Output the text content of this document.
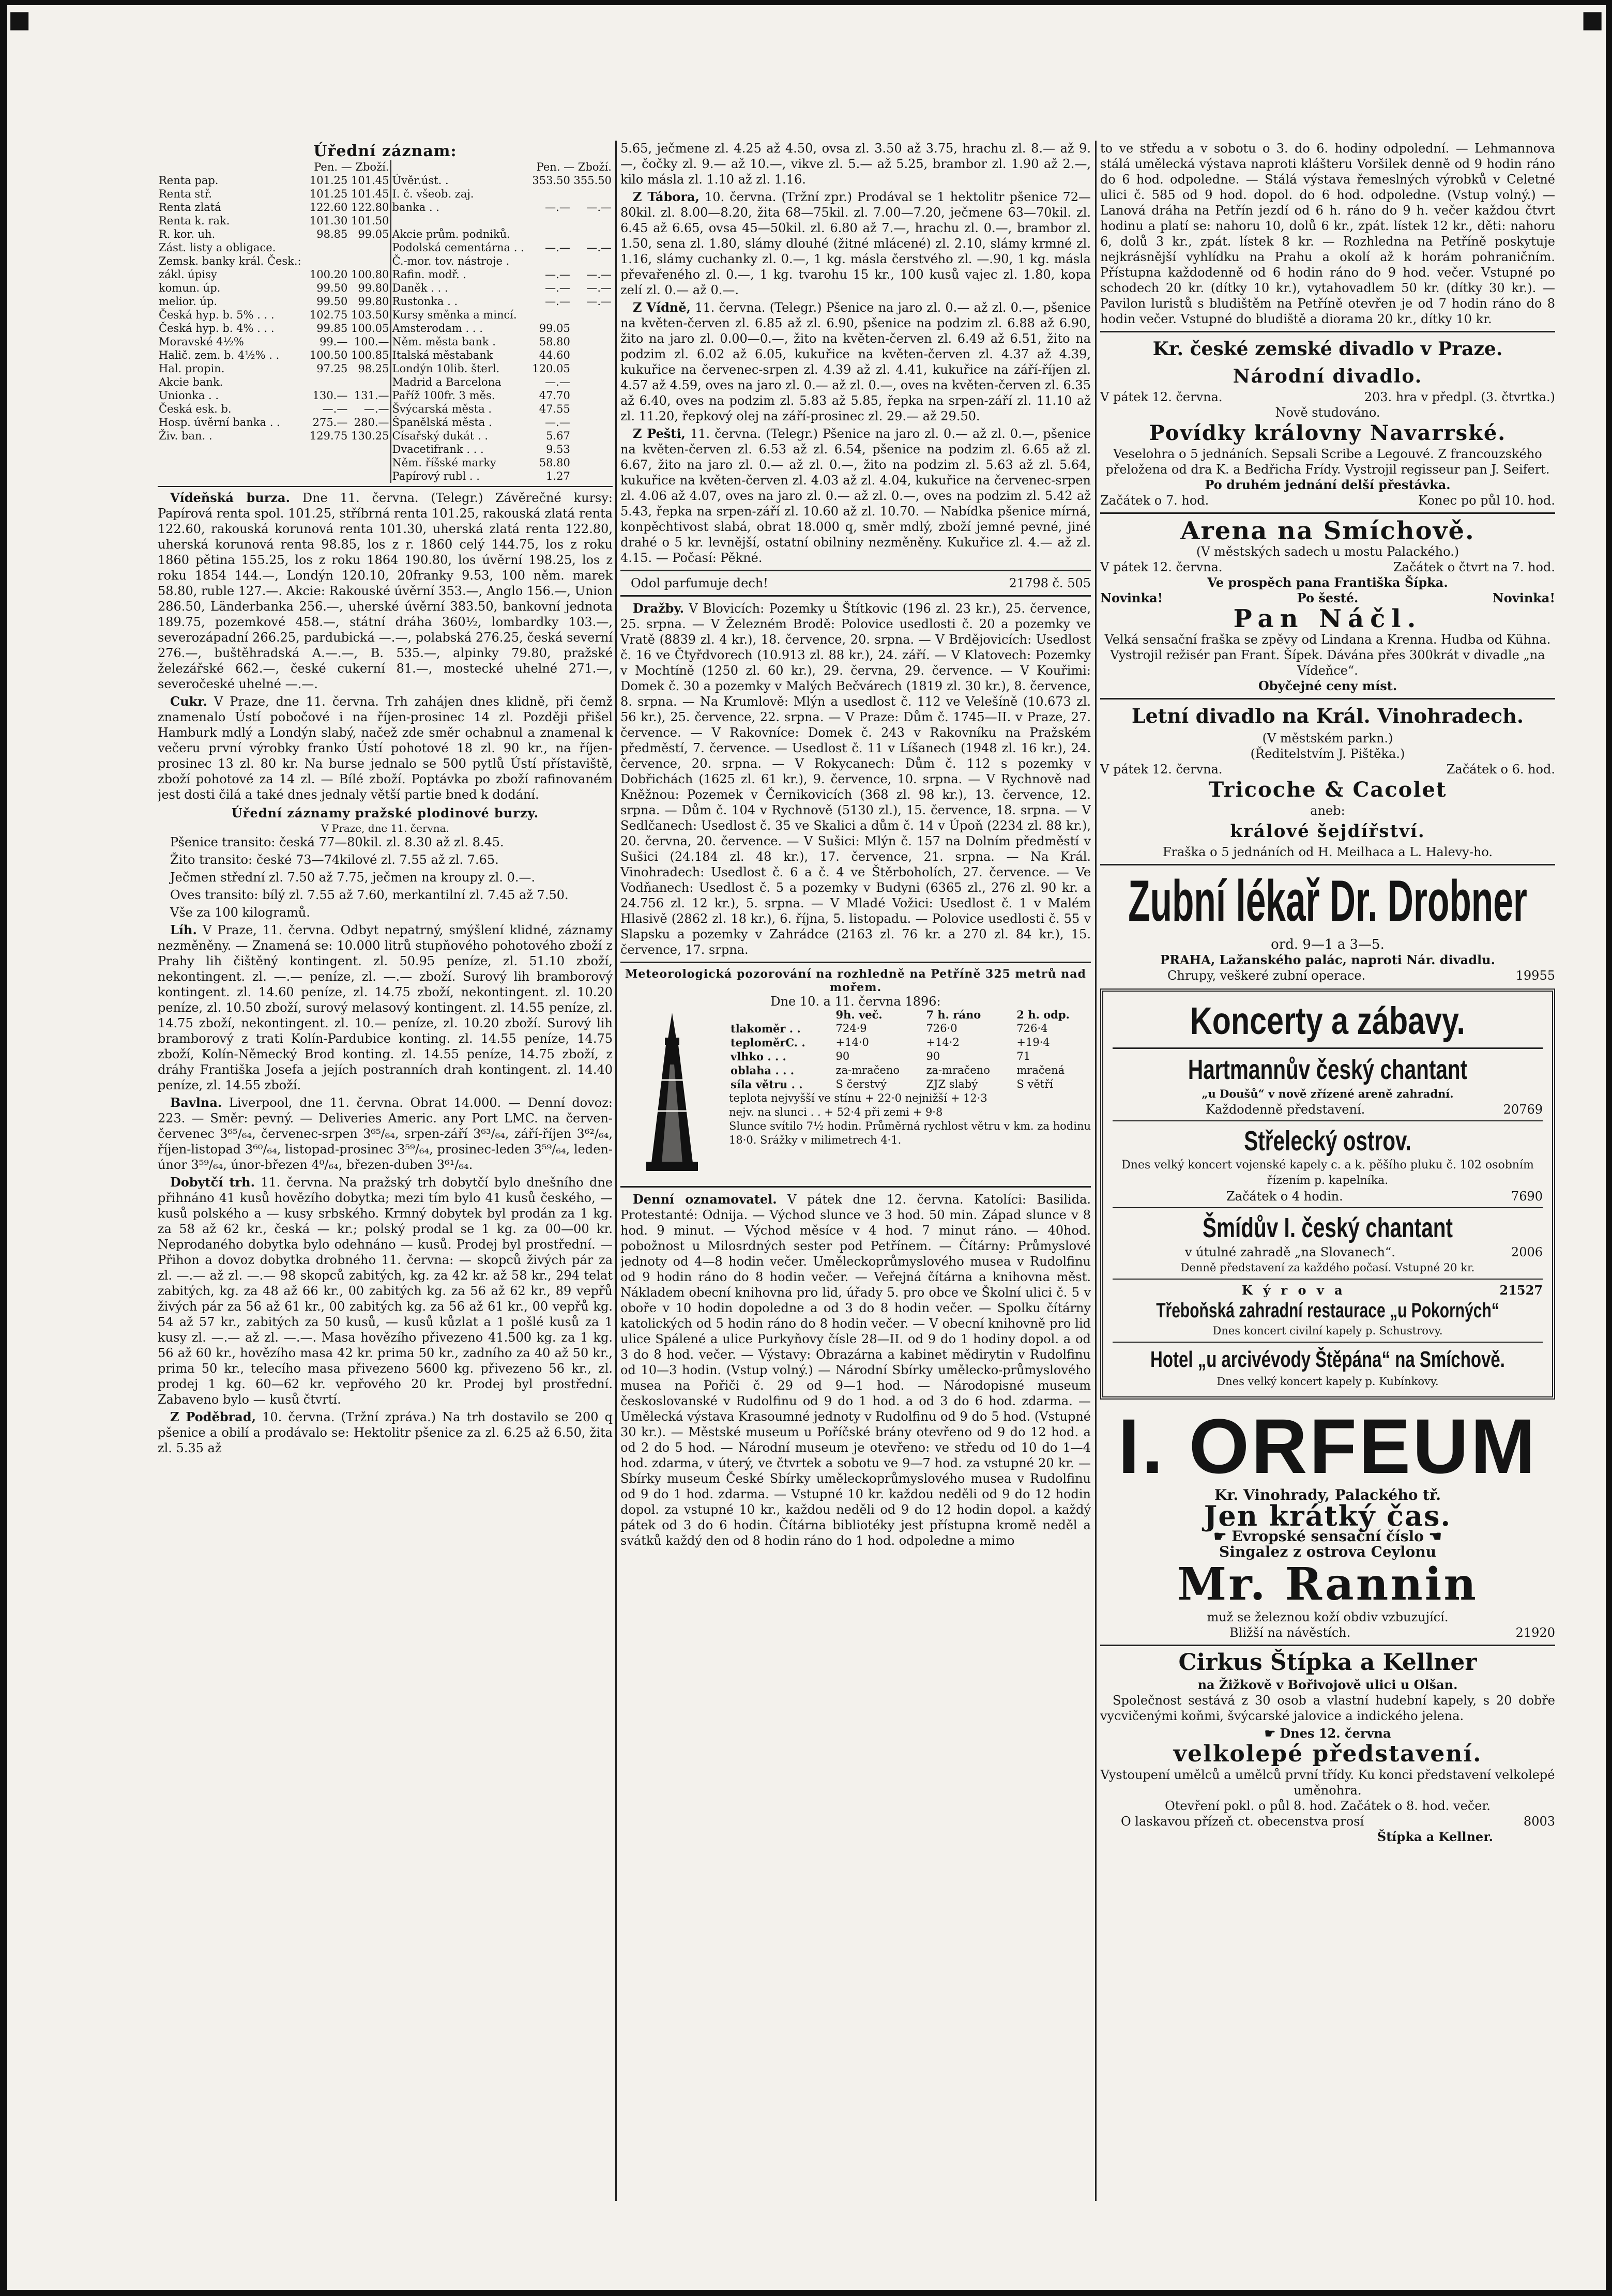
■	■
Úřední záznam:
	Pen. — Zboží.			Pen. — Zboží.	
Renta pap.	101.25	101.45	Úvěr.úst. .	353.50	355.50
Renta stř.	101.25	101.45	I. č. všeob. zaj.		
Renta zlatá	122.60	122.80	banka . .	—.—	—.—
Renta k. rak.	101.30	101.50			
R. kor. uh.	98.85	99.05	Akcie prům. podniků.		
Zást. listy a obligace.			Podolská cementárna . .	—.—	—.—
Zemsk. banky král. Česk.:			Č.-mor. tov. nástroje .		
zákl. úpisy	100.20	100.80	Rafin. modř. .	—.—	—.—
komun. úp.	99.50	99.80	Daněk . . .	—.—	—.—
melior. úp.	99.50	99.80	Rustonka . .	—.—	—.—
Česká hyp. b. 5% . . .	102.75	103.50	Kursy směnka a mincí.		
Česká hyp. b. 4% . . .	99.85	100.05	Amsterodam . . .	99.05	
Moravské 4½%	99.—	100.—	Něm. města bank .	58.80	
Halič. zem. b. 4½% . .	100.50	100.85	Italská městabank	44.60	
Hal. propin.	97.25	98.25	Londýn 10lib. šterl.	120.05	
Akcie bank.			Madrid a Barcelona	—.—	
Unionka . .	130.—	131.—	Paříž 100fr. 3 měs.	47.70	
Česká esk. b.	—.—	—.—	Švýcarská města .	47.55	
Hosp. úvěrní banka . .	275.—	280.—	Španělská města .	—.—	
Živ. ban. .	129.75	130.25	Císařský dukát . .	5.67	
			Dvacetifrank . . .	9.53	
			Něm. říšské marky	58.80	
			Papírový rubl . .	1.27	

Vídeňská burza. Dne 11. června. (Telegr.) Závěrečné kursy: Papírová renta spol. 101.25, stříbrná renta 101.25, rakouská zlatá renta 122.60, rakouská korunová renta 101.30, uherská zlatá renta 122.80, uherská korunová renta 98.85, los z r. 1860 celý 144.75, los z roku 1860 pětina 155.25, los z roku 1864 190.80, los úvěrní 198.25, los z roku 1854 144.—, Londýn 120.10, 20franky 9.53, 100 něm. marek 58.80, ruble 127.—. Akcie: Rakouské úvěrní 353.—, Anglo 156.—, Union 286.50, Länderbanka 256.—, uherské úvěrní 383.50, bankovní jednota 189.75, pozemkové 458.—, státní dráha 360½, lombardky 103.—, severozápadní 266.25, pardubická —.—, polabská 276.25, česká severní 276.—, buštěhradská A.—.—, B. 535.—, alpinky 79.80, pražské železářské 662.—, české cukerní 81.—, mostecké uhelné 271.—, severočeské uhelné —.—.

Cukr. V Praze, dne 11. června. Trh zahájen dnes klidně, při čemž znamenalo Ústí pobočové i na říjen-prosinec 14 zl. Později přišel Hamburk mdlý a Londýn slabý, načež zde směr ochabnul a znamenal k večeru první výrobky franko Ústí pohotové 18 zl. 90 kr., na říjen-prosinec 13 zl. 80 kr. Na burse jednalo se 500 pytlů Ústí přístaviště, zboží pohotové za 14 zl. — Bílé zboží. Poptávka po zboží rafinovaném jest dosti čilá a také dnes jednaly větší partie bned k dodání.

Úřední záznamy pražské plodinové burzy.
V Praze, dne 11. června.

Pšenice transito: česká 77—80kil. zl. 8.30 až zl. 8.45.

Žito transito: české 73—74kilové zl. 7.55 až zl. 7.65.

Ječmen střední zl. 7.50 až 7.75, ječmen na kroupy zl. 0.—.

Oves transito: bílý zl. 7.55 až 7.60, merkantilní zl. 7.45 až 7.50.

Vše za 100 kilogramů.

Líh. V Praze, 11. června. Odbyt nepatrný, smýšlení klidné, záznamy nezměněny. — Znamená se: 10.000 litrů stupňového pohotového zboží z Prahy lih čištěný kontingent. zl. 50.95 peníze, zl. 51.10 zboží, nekontingent. zl. —.— peníze, zl. —.— zboží. Surový lih bramborový kontingent. zl. 14.60 peníze, zl. 14.75 zboží, nekontingent. zl. 10.20 peníze, zl. 10.50 zboží, surový melasový kontingent. zl. 14.55 peníze, zl. 14.75 zboží, nekontingent. zl. 10.— peníze, zl. 10.20 zboží. Surový lih bramborový z trati Kolín-Pardubice konting. zl. 14.55 peníze, 14.75 zboží, Kolín-Německý Brod konting. zl. 14.55 peníze, 14.75 zboží, z dráhy Františka Josefa a jejích postranních drah kontingent. zl. 14.40 peníze, zl. 14.55 zboží.

Bavlna. Liverpool, dne 11. června. Obrat 14.000. — Denní dovoz: 223. — Směr: pevný. — Deliveries Americ. any Port LMC. na červen-červenec 3⁶⁵/₆₄, červenec-srpen 3⁶⁵/₆₄, srpen-září 3⁶³/₆₄, září-říjen 3⁶²/₆₄, říjen-listopad 3⁶⁰/₆₄, listopad-prosinec 3⁵⁹/₆₄, prosinec-leden 3⁵⁹/₆₄, leden-únor 3⁵⁹/₆₄, únor-březen 4⁰/₆₄, březen-duben 3⁶¹/₆₄.

Dobytčí trh. 11. června. Na pražský trh dobytčí bylo dnešního dne přihnáno 41 kusů hovězího dobytka; mezi tím bylo 41 kusů českého, — kusů polského a — kusy srbského. Krmný dobytek byl prodán za 1 kg. za 58 až 62 kr., česká — kr.; polský prodal se 1 kg. za 00—00 kr. Neprodaného dobytka bylo odehnáno — kusů. Prodej byl prostřední. — Přihon a dovoz dobytka drobného 11. června: — skopců živých pár za zl. —.— až zl. —.— 98 skopců zabitých, kg. za 42 kr. až 58 kr., 294 telat zabitých, kg. za 48 až 66 kr., 00 zabitých kg. za 56 až 62 kr., 89 vepřů živých pár za 56 až 61 kr., 00 zabitých kg. za 56 až 61 kr., 00 vepřů kg. 54 až 57 kr., zabitých za 50 kusů, — kusů kůzlat a 1 pošlé kusů za 1 kusy zl. —.— až zl. —.—. Masa hovězího přivezeno 41.500 kg. za 1 kg. 56 až 60 kr., hovězího masa 42 kr. prima 50 kr., zadního za 40 až 50 kr., prima 50 kr., telecího masa přivezeno 5600 kg. přivezeno 56 kr., zl. prodej 1 kg. 60—62 kr. vepřového 20 kr. Prodej byl prostřední. Zabaveno bylo — kusů čtvrtí.

Z Poděbrad, 10. června. (Tržní zpráva.) Na trh dostavilo se 200 q pšenice a obilí a prodávalo se: Hektolitr pšenice za zl. 6.25 až 6.50, žita zl. 5.35 až

5.65, ječmene zl. 4.25 až 4.50, ovsa zl. 3.50 až 3.75, hrachu zl. 8.— až 9.—, čočky zl. 9.— až 10.—, vikve zl. 5.— až 5.25, brambor zl. 1.90 až 2.—, kilo másla zl. 1.10 až zl. 1.16.

Z Tábora, 10. června. (Tržní zpr.) Prodával se 1 hektolitr pšenice 72—80kil. zl. 8.00—8.20, žita 68—75kil. zl. 7.00—7.20, ječmene 63—70kil. zl. 6.45 až 6.65, ovsa 45—50kil. zl. 6.80 až 7.—, hrachu zl. 0.—, brambor zl. 1.50, sena zl. 1.80, slámy dlouhé (žitné mlácené) zl. 2.10, slámy krmné zl. 1.16, slámy cuchanky zl. 0.—, 1 kg. másla čerstvého zl. —.90, 1 kg. másla převařeného zl. 0.—, 1 kg. tvarohu 15 kr., 100 kusů vajec zl. 1.80, kopa zelí zl. 0.— až 0.—.

Z Vídně, 11. června. (Telegr.) Pšenice na jaro zl. 0.— až zl. 0.—, pšenice na květen-červen zl. 6.85 až zl. 6.90, pšenice na podzim zl. 6.88 až 6.90, žito na jaro zl. 0.00—0.—, žito na květen-červen zl. 6.49 až 6.51, žito na podzim zl. 6.02 až 6.05, kukuřice na květen-červen zl. 4.37 až 4.39, kukuřice na červenec-srpen zl. 4.39 až zl. 4.41, kukuřice na září-říjen zl. 4.57 až 4.59, oves na jaro zl. 0.— až zl. 0.—, oves na květen-červen zl. 6.35 až 6.40, oves na podzim zl. 5.83 až 5.85, řepka na srpen-září zl. 11.10 až zl. 11.20, řepkový olej na září-prosinec zl. 29.— až 29.50.

Z Pešti, 11. června. (Telegr.) Pšenice na jaro zl. 0.— až zl. 0.—, pšenice na květen-červen zl. 6.53 až zl. 6.54, pšenice na podzim zl. 6.65 až zl. 6.67, žito na jaro zl. 0.— až zl. 0.—, žito na podzim zl. 5.63 až zl. 5.64, kukuřice na květen-červen zl. 4.03 až zl. 4.04, kukuřice na červenec-srpen zl. 4.06 až 4.07, oves na jaro zl. 0.— až zl. 0.—, oves na podzim zl. 5.42 až 5.43, řepka na srpen-září zl. 10.60 až zl. 10.70. — Nabídka pšenice mírná, konpěchtivost slabá, obrat 18.000 q, směr mdlý, zboží jemné pevné, jiné drahé o 5 kr. levnější, ostatní obilniny nezměněny. Kukuřice zl. 4.— až zl. 4.15. — Počasí: Pěkné.

Odol parfumuje dech!	21798 č. 505

Dražby. V Blovicích: Pozemky u Štítkovic (196 zl. 23 kr.), 25. července, 25. srpna. — V Železném Brodě: Polovice usedlosti č. 20 a pozemky ve Vratě (8839 zl. 4 kr.), 18. července, 20. srpna. — V Brdějovicích: Usedlost č. 16 ve Čtyřdvorech (10.913 zl. 88 kr.), 24. září. — V Klatovech: Pozemky v Mochtíně (1250 zl. 60 kr.), 29. června, 29. července. — V Kouřimi: Domek č. 30 a pozemky v Malých Bečvárech (1819 zl. 30 kr.), 8. července, 8. srpna. — Na Krumlově: Mlýn a usedlost č. 112 ve Velešíně (10.673 zl. 56 kr.), 25. července, 22. srpna. — V Praze: Dům č. 1745—II. v Praze, 27. července. — V Rakovníce: Domek č. 243 v Rakovníku na Pražském předměstí, 7. července. — Usedlost č. 11 v Líšanech (1948 zl. 16 kr.), 24. července, 20. srpna. — V Rokycanech: Dům č. 112 s pozemky v Dobřichách (1625 zl. 61 kr.), 9. července, 10. srpna. — V Rychnově nad Kněžnou: Pozemek v Černikovicích (368 zl. 98 kr.), 13. července, 12. srpna. — Dům č. 104 v Rychnově (5130 zl.), 15. července, 18. srpna. — V Sedlčanech: Usedlost č. 35 ve Skalici a dům č. 14 v Úpoň (2234 zl. 88 kr.), 20. června, 20. července. — V Sušici: Mlýn č. 157 na Dolním předměstí v Sušici (24.184 zl. 48 kr.), 17. července, 21. srpna. — Na Král. Vinohradech: Usedlost č. 6 a č. 4 ve Štěrboholích, 27. července. — Ve Vodňanech: Usedlost č. 5 a pozemky v Budyni (6365 zl., 276 zl. 90 kr. a 24.756 zl. 12 kr.), 5. srpna. — V Mladé Vožici: Usedlost č. 1 v Malém Hlasivě (2862 zl. 18 kr.), 6. října, 5. listopadu. — Polovice usedlosti č. 55 v Slapsku a pozemky v Zahrádce (2163 zl. 76 kr. a 270 zl. 84 kr.), 15. července, 17. srpna.

Meteorologická pozorování na rozhledně na Petříně 325 metrů nad mořem.
Dne 10. a 11. června 1896:
	9h. več.	7 h. ráno	2 h. odp.
tlakoměr . .	724·9	726·0	726·4
teploměrC. .	+14·0	+14·2	+19·4
vlhko . . .	90	90	71
oblaha . . .	za-mračeno	za-mračeno	mračená
síla větru . .	S čerstvý	ZJZ slabý	S větří
teplota nejvyšší ve stínu + 22·0 nejnižší + 12·3
nejv. na slunci . . + 52·4 při zemi + 9·8
Slunce svítilo 7½ hodin. Průměrná rychlost větru v km. za hodinu 18·0. Srážky v milimetrech 4·1.

Denní oznamovatel. V pátek dne 12. června. Katolíci: Basilida. Protestanté: Odnija. — Východ slunce ve 3 hod. 50 min. Západ slunce v 8 hod. 9 minut. — Východ měsíce v 4 hod. 7 minut ráno. — 40hod. pobožnost u Milosrdných sester pod Petřínem. — Čítárny: Průmyslové jednoty od 4—8 hodin večer. Uměleckoprůmyslového musea v Rudolfinu od 9 hodin ráno do 8 hodin večer. — Veřejná čítárna a knihovna měst. Nákladem obecní knihovna pro lid, úřady 5. pro obce ve Školní ulici č. 5 v oboře v 10 hodin dopoledne a od 3 do 8 hodin večer. — Spolku čítárny katolických od 5 hodin ráno do 8 hodin večer. — V obecní knihovně pro lid ulice Spálené a ulice Purkyňovy čísle 28—II. od 9 do 1 hodiny dopol. a od 3 do 8 hod. večer. — Výstavy: Obrazárna a kabinet mědirytin v Rudolfinu od 10—3 hodin. (Vstup volný.) — Národní Sbírky umělecko-průmyslového musea na Pořiči č. 29 od 9—1 hod. — Národopisné museum českoslovanské v Rudolfinu od 9 do 1 hod. a od 3 do 6 hod. zdarma. — Umělecká výstava Krasoumné jednoty v Rudolfinu od 9 do 5 hod. (Vstupné 30 kr.). — Městské museum u Poříčské brány otevřeno od 9 do 12 hod. a od 2 do 5 hod. — Národní museum je otevřeno: ve středu od 10 do 1—4 hod. zdarma, v úterý, ve čtvrtek a sobotu ve 9—7 hod. za vstupné 20 kr. — Sbírky museum České Sbírky uměleckoprůmyslového musea v Rudolfinu od 9 do 1 hod. zdarma. — Vstupné 10 kr. každou neděli od 9 do 12 hodin dopol. za vstupné 10 kr., každou neděli od 9 do 12 hodin dopol. a každý pátek od 3 do 6 hodin. Čítárna bibliotéky jest přístupna kromě neděl a svátků každý den od 8 hodin ráno do 1 hod. odpoledne a mimo

to ve středu a v sobotu o 3. do 6. hodiny odpolední. — Lehmannova stálá umělecká výstava naproti klášteru Voršilek denně od 9 hodin ráno do 6 hod. odpoledne. — Stálá výstava řemeslných výrobků v Celetné ulici č. 585 od 9 hod. dopol. do 6 hod. odpoledne. (Vstup volný.) — Lanová dráha na Petřín jezdí od 6 h. ráno do 9 h. večer každou čtvrt hodinu a platí se: nahoru 10, dolů 6 kr., zpát. lístek 12 kr., děti: nahoru 6, dolů 3 kr., zpát. lístek 8 kr. — Rozhledna na Petříně poskytuje nejkrásnější vyhlídku na Prahu a okolí až k horám pohraničním. Přístupna každodenně od 6 hodin ráno do 9 hod. večer. Vstupné po schodech 20 kr. (dítky 10 kr.), vytahovadlem 50 kr. (dítky 30 kr.). — Pavilon luristů s bludištěm na Petříně otevřen je od 7 hodin ráno do 8 hodin večer. Vstupné do bludiště a diorama 20 kr., dítky 10 kr.

Kr. české zemské divadlo v Praze.
Národní divadlo.
V pátek 12. června.	203. hra v předpl. (3. čtvrtka.)
Nově studováno.
Povídky královny Navarrské.
Veselohra o 5 jednáních. Sepsali Scribe a Legouvé. Z francouzského přeložena od dra K. a Bedřicha Frídy. Vystrojil regisseur pan J. Seifert.
Po druhém jednání delší přestávka.
Začátek o 7. hod.	Konec po půl 10. hod.
Arena na Smíchově.
(V městských sadech u mostu Palackého.)
V pátek 12. června.	Začátek o čtvrt na 7. hod.
Ve prospěch pana Františka Šípka.
Novinka!	Po šesté.	Novinka!
Pan Náčl.
Velká sensační fraška se zpěvy od Lindana a Krenna. Hudba od Kühna. Vystrojil režisér pan Frant. Šípek. Dávána přes 300krát v divadle „na Vídeňce“.
Obyčejné ceny míst.
Letní divadlo na Král. Vinohradech.
(V městském parkn.)
(Ředitelstvím J. Pištěka.)
V pátek 12. června.	Začátek o 6. hod.
Tricoche & Cacolet
aneb:
králové šejdířství.
Fraška o 5 jednáních od H. Meilhaca a L. Halevy-ho.
Zubní lékař Dr. Drobner
ord. 9—1 a 3—5.
PRAHA, Lažanského palác, naproti Nár. divadlu.
Chrupy, veškeré zubní operace.	19955
Koncerty a zábavy.
Hartmannův český chantant
„u Doušů“ v nově zřízené areně zahradní.
Každodenně představení.	20769
Střelecký ostrov.
Dnes velký koncert vojenské kapely c. a k. pěšího pluku č. 102 osobním řízením p. kapelníka.
Začátek o 4 hodin.	7690
Šmídův I. český chantant
v útulné zahradě „na Slovanech“.	2006
Denně představení za každého počasí. Vstupné 20 kr.
K ý r o v a	21527
Třeboňská zahradní restaurace „u Pokorných“
Dnes koncert civilní kapely p. Schustrovy.
Hotel „u arcivévody Štěpána“ na Smíchově.
Dnes velký koncert kapely p. Kubínkovy.
I. ORFEUM
Kr. Vinohrady, Palackého tř.
Jen krátký čas.
☛ Evropské sensační číslo ☚
Singalez z ostrova Ceylonu
Mr. Rannin
muž se železnou koží obdiv vzbuzující.
Bližší na návěstích.	21920
Cirkus Štípka a Kellner
na Žižkově v Bořivojově ulici u Olšan.

Společnost sestává z 30 osob a vlastní hudební kapely, s 20 dobře vycvičenými koňmi, švýcarské jalovice a indického jelena.

☛ Dnes 12. června
velkolepé představení.
Vystoupení umělců a umělců první třídy. Ku konci představení velkolepé uměnohra.
Otevření pokl. o půl 8. hod. Začátek o 8. hod. večer.
O laskavou přízeň ct. obecenstva prosí	8003
Štípka a Kellner.
